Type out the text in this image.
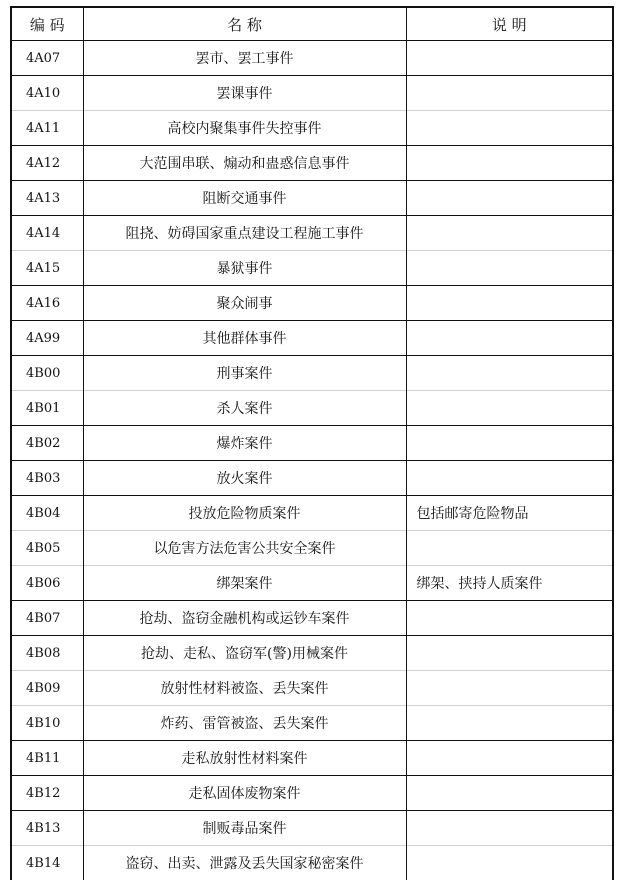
编 码	名 称	说 明
4A07	罢市、罢工事件	
4A10	罢课事件	
4A11	高校内聚集事件失控事件	
4A12	大范围串联、煽动和蛊惑信息事件	
4A13	阻断交通事件	
4A14	阻挠、妨碍国家重点建设工程施工事件	
4A15	暴狱事件	
4A16	聚众闹事	
4A99	其他群体事件	
4B00	刑事案件	
4B01	杀人案件	
4B02	爆炸案件	
4B03	放火案件	
4B04	投放危险物质案件	包括邮寄危险物品
4B05	以危害方法危害公共安全案件	
4B06	绑架案件	绑架、挟持人质案件
4B07	抢劫、盗窃金融机构或运钞车案件	
4B08	抢劫、走私、盗窃军(警)用械案件	
4B09	放射性材料被盗、丢失案件	
4B10	炸药、雷管被盗、丢失案件	
4B11	走私放射性材料案件	
4B12	走私固体废物案件	
4B13	制贩毒品案件	
4B14	盗窃、出卖、泄露及丢失国家秘密案件	
